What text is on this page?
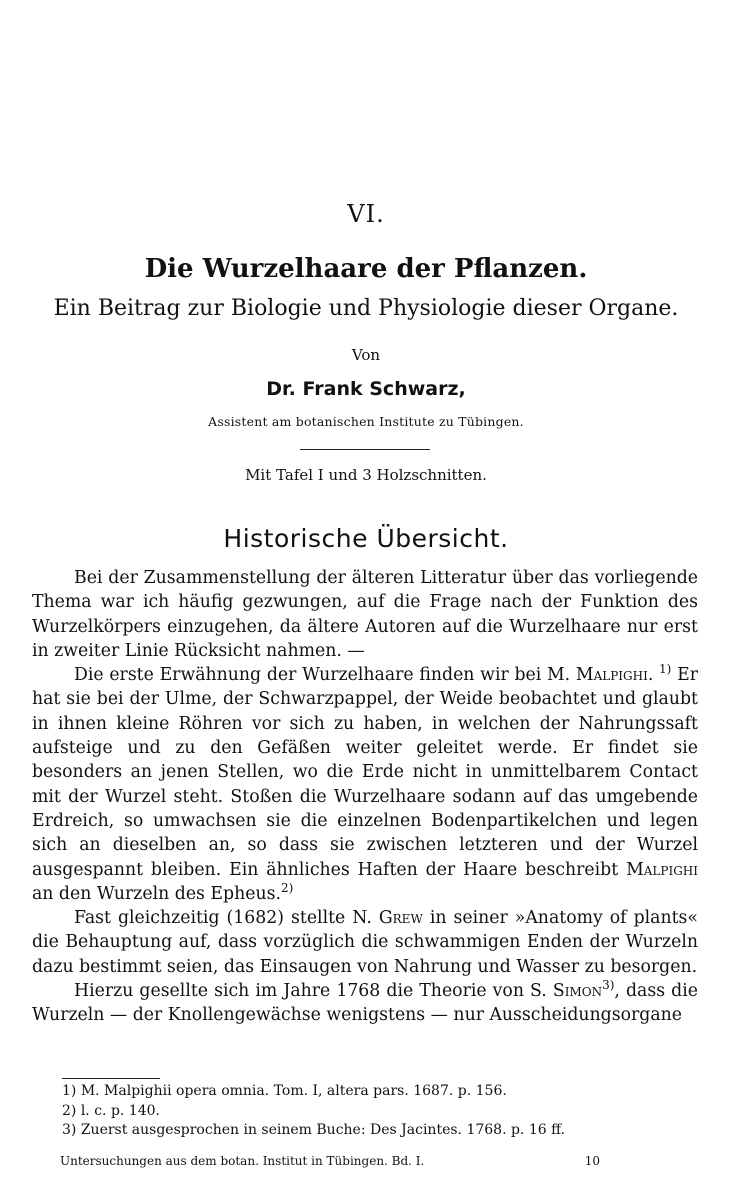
VI.
Die Wurzelhaare der Pflanzen.
Ein Beitrag zur Biologie und Physiologie dieser Organe.
Von
Dr. Frank Schwarz,
Assistent am botanischen Institute zu Tübingen.
Mit Tafel I und 3 Holzschnitten.
Historische Übersicht.

Bei der Zusammenstellung der älteren Litteratur über das vorliegende Thema war ich häufig gezwungen, auf die Frage nach der Funktion des Wurzelkörpers einzugehen, da ältere Autoren auf die Wurzelhaare nur erst in zweiter Linie Rücksicht nahmen. —

Die erste Erwähnung der Wurzelhaare finden wir bei M. Malpighi. $^{1)}$ Er hat sie bei der Ulme, der Schwarzpappel, der Weide beobachtet und glaubt in ihnen kleine Röhren vor sich zu haben, in welchen der Nahrungssaft aufsteige und zu den Gefäßen weiter geleitet werde. Er findet sie besonders an jenen Stellen, wo die Erde nicht in unmittelbarem Contact mit der Wurzel steht. Stoßen die Wurzelhaare sodann auf das umgebende Erdreich, so umwachsen sie die einzelnen Bodenpartikelchen und legen sich an dieselben an, so dass sie zwischen letzteren und der Wurzel ausgespannt bleiben. Ein ähnliches Haften der Haare beschreibt Malpighi an den Wurzeln des Epheus.$^{2)}$

Fast gleichzeitig (1682) stellte N. Grew in seiner »Anatomy of plants« die Behauptung auf, dass vorzüglich die schwammigen Enden der Wurzeln dazu bestimmt seien, das Einsaugen von Nahrung und Wasser zu besorgen.

Hierzu gesellte sich im Jahre 1768 die Theorie von S. Simon$^{3)}$, dass die Wurzeln — der Knollengewächse wenigstens — nur Ausscheidungsorgane

1) M. Malpighii opera omnia. Tom. I, altera pars. 1687. p. 156.
2) l. c. p. 140.
3) Zuerst ausgesprochen in seinem Buche: Des Jacintes. 1768. p. 16 ff.
Untersuchungen aus dem botan. Institut in Tübingen. Bd. I.	10
